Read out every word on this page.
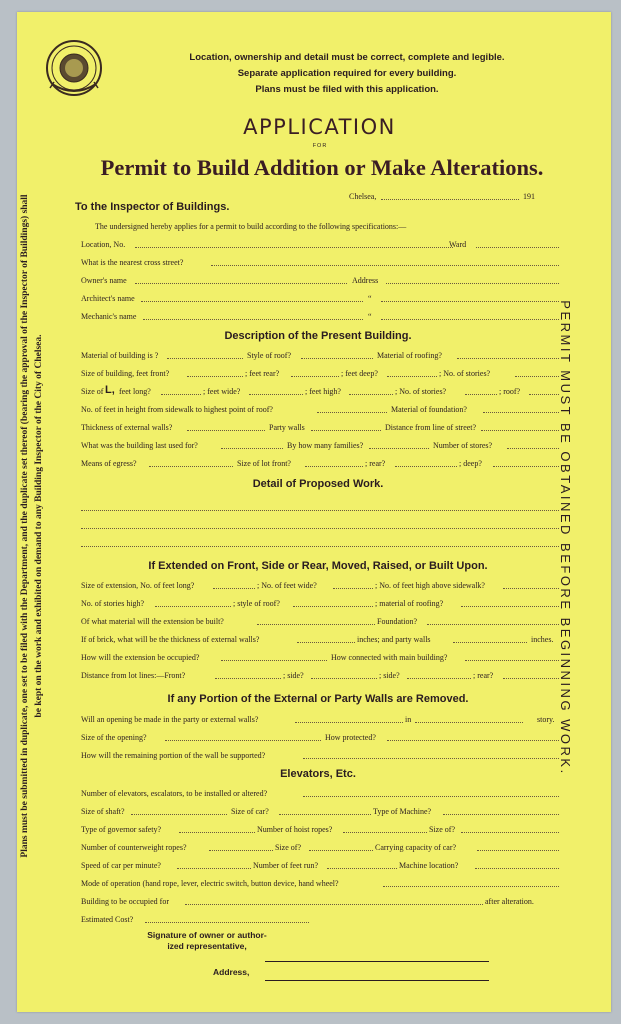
Location, ownership and detail must be correct, complete and legible.
Separate application required for every building.
Plans must be filed with this application.
APPLICATION
FOR
Permit to Build Addition or Make Alterations.
Chelsea,	191
To the Inspector of Buildings.
The undersigned hereby applies for a permit to build according to the following specifications:—
Location, No.	Ward
What is the nearest cross street?
Owner's name	Address
Architect's name	“
Mechanic's name	“
Description of the Present Building.
Material of building is ?	Style of roof?	Material of roofing?
Size of building, feet front?	; feet rear?	; feet deep?	; No. of stories?
Size of L, feet long?	; feet wide?	; feet high?	; No. of stories?	; roof?
No. of feet in height from sidewalk to highest point of roof?	Material of foundation?
Thickness of external walls?	Party walls	Distance from line of street?
What was the building last used for?	By how many families?	Number of stores?
Means of egress?	Size of lot front?	; rear?	; deep?
Detail of Proposed Work.
If Extended on Front, Side or Rear, Moved, Raised, or Built Upon.
Size of extension, No. of feet long?	; No. of feet wide?	; No. of feet high above sidewalk?
No. of stories high?	; style of roof?	; material of roofing?
Of what material will the extension be built?	Foundation?
If of brick, what will be the thickness of external walls?	inches; and party walls	inches.
How will the extension be occupied?	How connected with main building?
Distance from lot lines:—Front?	; side?	; side?	; rear?
If any Portion of the External or Party Walls are Removed.
Will an opening be made in the party or external walls?	in	story.
Size of the opening?	How protected?
How will the remaining portion of the wall be supported?
Elevators, Etc.
Number of elevators, escalators, to be installed or altered?
Size of shaft?	Size of car?	Type of Machine?
Type of governor safety?	Number of hoist ropes?	Size of?
Number of counterweight ropes?	Size of?	Carrying capacity of car?
Speed of car per minute?	Number of feet run?	Machine location?
Mode of operation (hand rope, lever, electric switch, button device, hand wheel?
Building to be occupied for	after alteration.
Estimated Cost?
Signature of owner or author-
ized representative,
Address,
Plans must be submitted in duplicate, one set to be filed with the Department, and the duplicate set thereof (bearing the approval of the Inspector of Buildings) shall be kept on the work and exhibited on demand to any Building Inspector of the City of Chelsea.	PERMIT MUST BE OBTAINED BEFORE BEGINNING WORK.
